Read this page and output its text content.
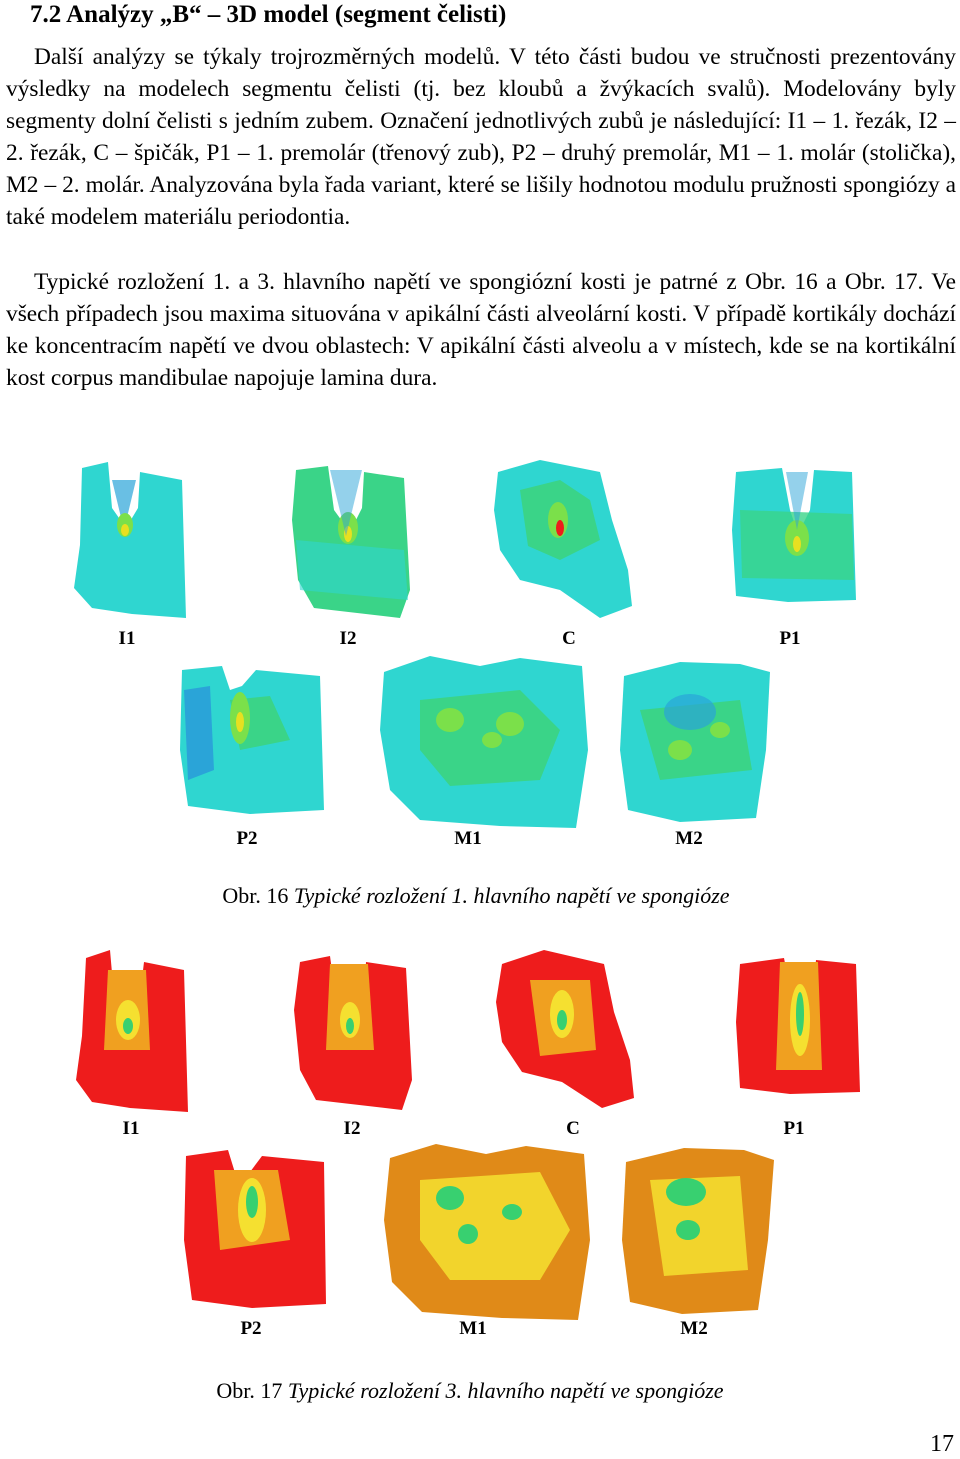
7.2 Analýzy „B“ – 3D model (segment čelisti)

Další analýzy se týkaly trojrozměrných modelů. V této části budou ve stručnosti prezentovány výsledky na modelech segmentu čelisti (tj. bez kloubů a žvýkacích svalů). Modelovány byly segmenty dolní čelisti s jedním zubem. Označení jednotlivých zubů je následující: I1 – 1. řezák, I2 – 2. řezák, C – špičák, P1 – 1. premolár (třenový zub), P2 – druhý premolár, M1 – 1. molár (stolička), M2 – 2. molár. Analyzována byla řada variant, které se lišily hodnotou modulu pružnosti spongiózy a také modelem materiálu periodontia.

Typické rozložení 1. a 3. hlavního napětí ve spongiózní kosti je patrné z Obr. 16 a Obr. 17. Ve všech případech jsou maxima situována v apikální části alveolární kosti. V případě kortikály dochází ke koncentracím napětí ve dvou oblastech: V apikální části alveolu a v místech, kde se na kortikální kost corpus mandibulae napojuje lamina dura.

I1	I2	C	P1
P2	M1	M2
Obr. 16 Typické rozložení 1. hlavního napětí ve spongióze
I1	I2	C	P1
P2	M1	M2
Obr. 17 Typické rozložení 3. hlavního napětí ve spongióze
17
